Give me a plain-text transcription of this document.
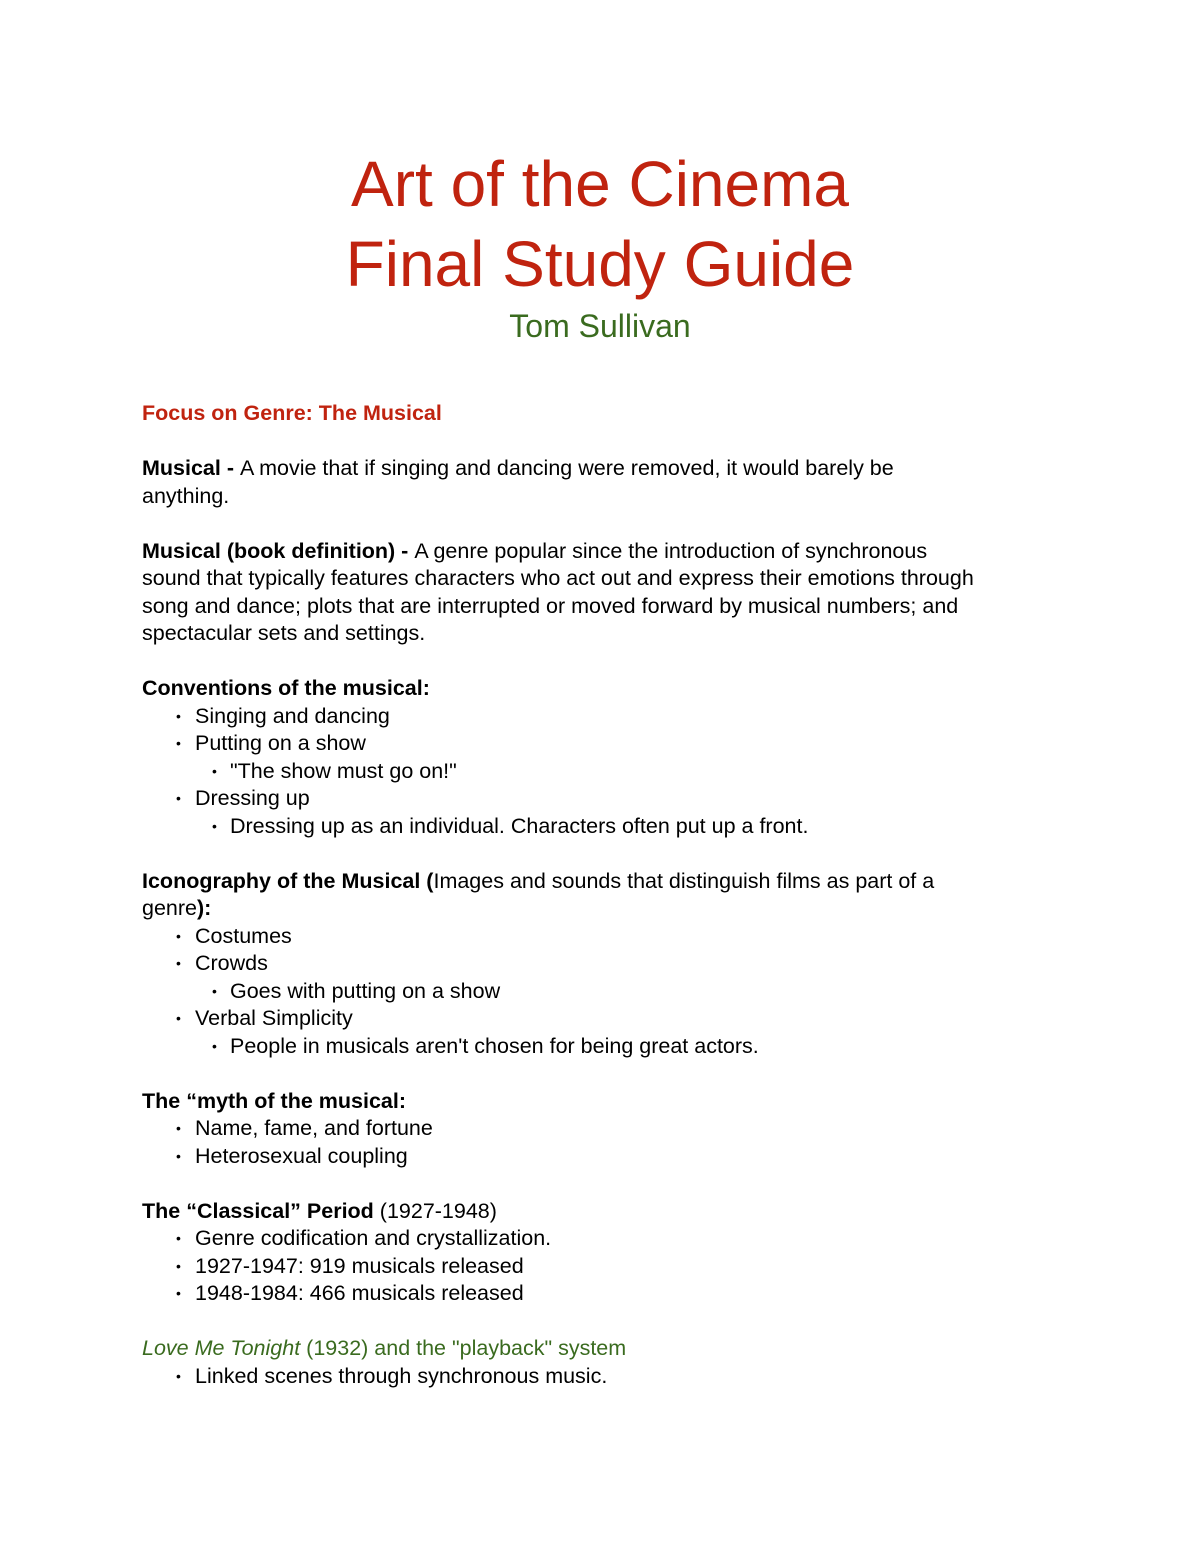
Art of the Cinema
Final Study Guide
Tom Sullivan

Focus on Genre: The Musical

Musical - A movie that if singing and dancing were removed, it would barely be

anything.

Musical (book definition) - A genre popular since the introduction of synchronous

sound that typically features characters who act out and express their emotions through

song and dance; plots that are interrupted or moved forward by musical numbers; and

spectacular sets and settings.

Conventions of the musical:

• Singing and dancing
• Putting on a show
• "The show must go on!"
• Dressing up
• Dressing up as an individual. Characters often put up a front.

Iconography of the Musical (Images and sounds that distinguish films as part of a

genre):

• Costumes
• Crowds
• Goes with putting on a show
• Verbal Simplicity
• People in musicals aren't chosen for being great actors.

The “myth of the musical:

• Name, fame, and fortune
• Heterosexual coupling

The “Classical” Period (1927-1948)

• Genre codification and crystallization.
• 1927-1947: 919 musicals released
• 1948-1984: 466 musicals released

Love Me Tonight (1932) and the "playback" system

• Linked scenes through synchronous music.
